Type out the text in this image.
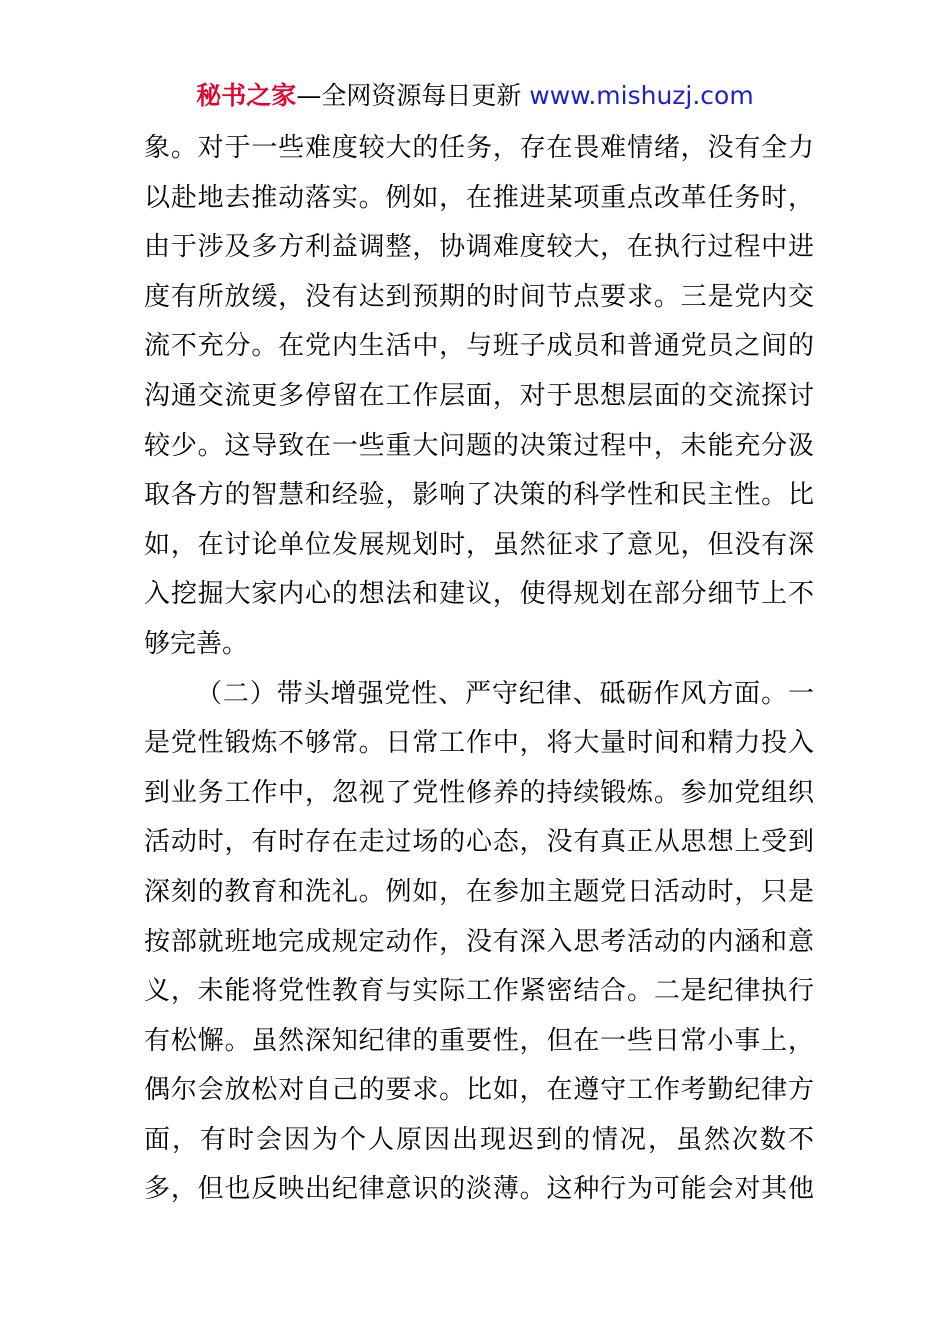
秘书之家—全网资源每日更新 www.mishuzj.com
象。对于一些难度较大的任务，存在畏难情绪，没有全力
以赴地去推动落实。例如，在推进某项重点改革任务时，
由于涉及多方利益调整，协调难度较大，在执行过程中进
度有所放缓，没有达到预期的时间节点要求。三是党内交
流不充分。在党内生活中，与班子成员和普通党员之间的
沟通交流更多停留在工作层面，对于思想层面的交流探讨
较少。这导致在一些重大问题的决策过程中，未能充分汲
取各方的智慧和经验，影响了决策的科学性和民主性。比
如，在讨论单位发展规划时，虽然征求了意见，但没有深
入挖掘大家内心的想法和建议，使得规划在部分细节上不
够完善。
（二）带头增强党性、严守纪律、砥砺作风方面。一
是党性锻炼不够常。日常工作中，将大量时间和精力投入
到业务工作中，忽视了党性修养的持续锻炼。参加党组织
活动时，有时存在走过场的心态，没有真正从思想上受到
深刻的教育和洗礼。例如，在参加主题党日活动时，只是
按部就班地完成规定动作，没有深入思考活动的内涵和意
义，未能将党性教育与实际工作紧密结合。二是纪律执行
有松懈。虽然深知纪律的重要性，但在一些日常小事上，
偶尔会放松对自己的要求。比如，在遵守工作考勤纪律方
面，有时会因为个人原因出现迟到的情况，虽然次数不
多，但也反映出纪律意识的淡薄。这种行为可能会对其他
